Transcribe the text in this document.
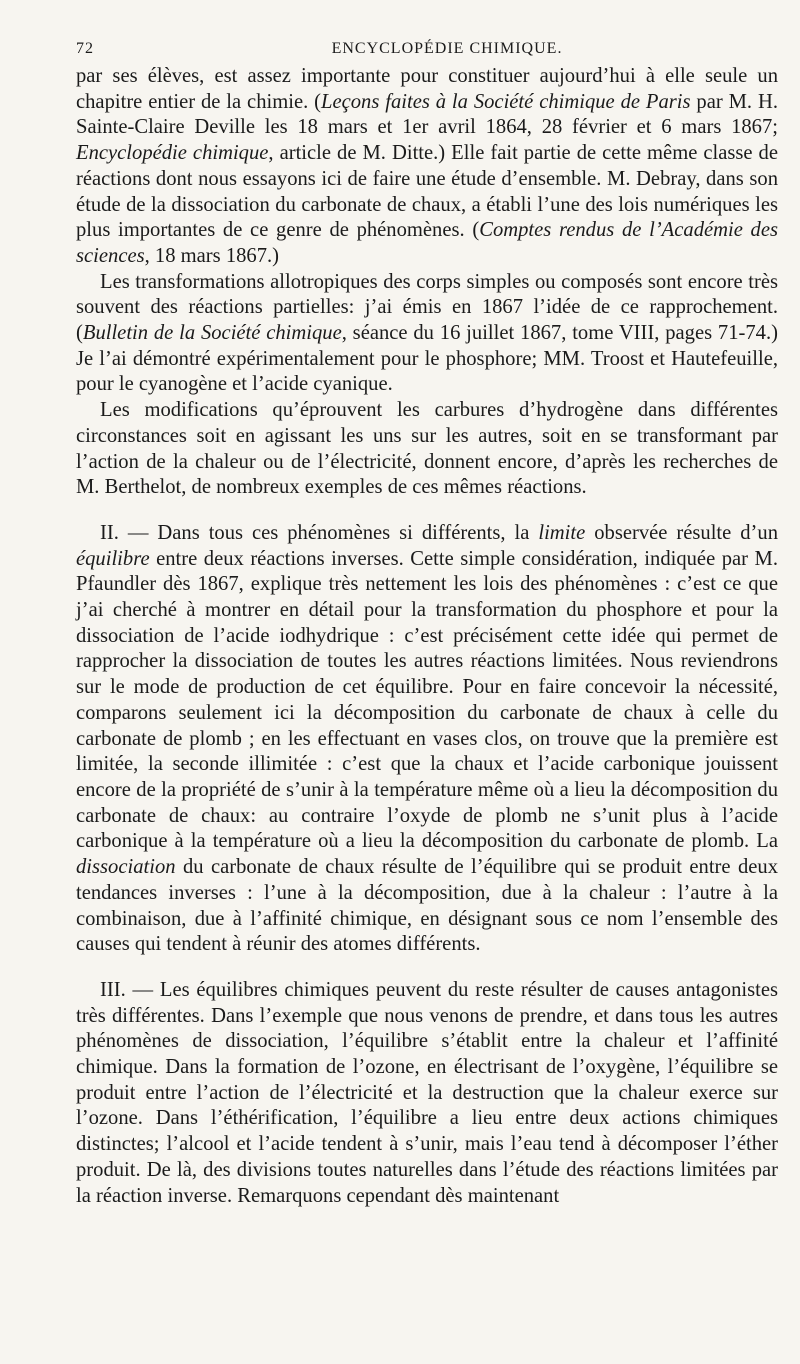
72	ENCYCLOPÉDIE CHIMIQUE.

par ses élèves, est assez importante pour constituer aujourd’hui à elle seule un chapitre entier de la chimie. (Leçons faites à la Société chimique de Paris par M. H. Sainte-Claire Deville les 18 mars et 1er avril 1864, 28 février et 6 mars 1867; Encyclopédie chimique, article de M. Ditte.) Elle fait partie de cette même classe de réactions dont nous essayons ici de faire une étude d’ensemble. M. Debray, dans son étude de la dissociation du carbonate de chaux, a établi l’une des lois numériques les plus importantes de ce genre de phénomènes. (Comptes rendus de l’Académie des sciences, 18 mars 1867.)

Les transformations allotropiques des corps simples ou composés sont encore très souvent des réactions partielles: j’ai émis en 1867 l’idée de ce rapprochement. (Bulletin de la Société chimique, séance du 16 juillet 1867, tome VIII, pages 71-74.) Je l’ai démontré expérimentalement pour le phosphore; MM. Troost et Hautefeuille, pour le cyanogène et l’acide cyanique.

Les modifications qu’éprouvent les carbures d’hydrogène dans différentes circonstances soit en agissant les uns sur les autres, soit en se transformant par l’action de la chaleur ou de l’électricité, donnent encore, d’après les recherches de M. Berthelot, de nombreux exemples de ces mêmes réactions.

II. — Dans tous ces phénomènes si différents, la limite observée résulte d’un équilibre entre deux réactions inverses. Cette simple considération, indiquée par M. Pfaundler dès 1867, explique très nettement les lois des phénomènes : c’est ce que j’ai cherché à montrer en détail pour la transformation du phosphore et pour la dissociation de l’acide iodhydrique : c’est précisément cette idée qui permet de rapprocher la dissociation de toutes les autres réactions limitées. Nous reviendrons sur le mode de production de cet équilibre. Pour en faire concevoir la nécessité, comparons seulement ici la décomposition du carbonate de chaux à celle du carbonate de plomb ; en les effectuant en vases clos, on trouve que la première est limitée, la seconde illimitée : c’est que la chaux et l’acide carbonique jouissent encore de la propriété de s’unir à la température même où a lieu la décomposition du carbonate de chaux: au contraire l’oxyde de plomb ne s’unit plus à l’acide carbonique à la température où a lieu la décomposition du carbonate de plomb. La dissociation du carbonate de chaux résulte de l’équilibre qui se produit entre deux tendances inverses : l’une à la décomposition, due à la chaleur : l’autre à la combinaison, due à l’affinité chimique, en désignant sous ce nom l’ensemble des causes qui tendent à réunir des atomes différents.

III. — Les équilibres chimiques peuvent du reste résulter de causes antagonistes très différentes. Dans l’exemple que nous venons de prendre, et dans tous les autres phénomènes de dissociation, l’équilibre s’établit entre la chaleur et l’affinité chimique. Dans la formation de l’ozone, en électrisant de l’oxygène, l’équilibre se produit entre l’action de l’électricité et la destruction que la chaleur exerce sur l’ozone. Dans l’éthérification, l’équilibre a lieu entre deux actions chimiques distinctes; l’alcool et l’acide tendent à s’unir, mais l’eau tend à décomposer l’éther produit. De là, des divisions toutes naturelles dans l’étude des réactions limitées par la réaction inverse. Remarquons cependant dès maintenant
